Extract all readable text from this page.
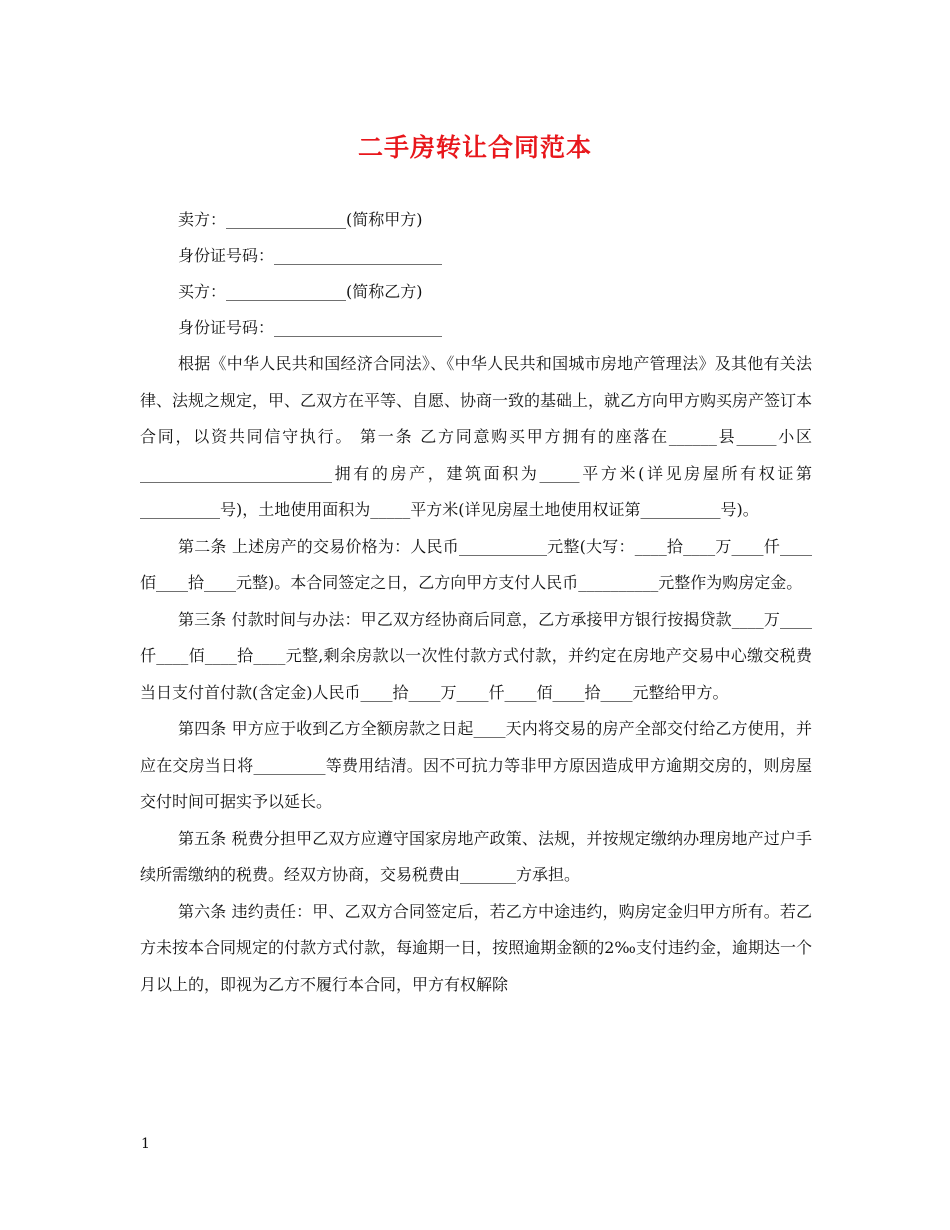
二手房转让合同范本
卖方：_______________(简称甲方)
身份证号码：_____________________
买方：_______________(简称乙方)
身份证号码：_____________________

根据《中华人民共和国经济合同法》、《中华人民共和国城市房地产管理法》及其他有关法律、法规之规定，甲、乙双方在平等、自愿、协商一致的基础上，就乙方向甲方购买房产签订本合同，以资共同信守执行。 第一条 乙方同意购买甲方拥有的座落在______县_____小区________________________拥有的房产，建筑面积为_____平方米(详见房屋所有权证第__________号)，土地使用面积为_____平方米(详见房屋土地使用权证第__________号)。

第二条 上述房产的交易价格为：人民币___________元整(大写：____拾____万____仟____佰____拾____元整)。本合同签定之日，乙方向甲方支付人民币__________元整作为购房定金。

第三条 付款时间与办法：甲乙双方经协商后同意，乙方承接甲方银行按揭贷款____万____仟____佰____拾____元整,剩余房款以一次性付款方式付款，并约定在房地产交易中心缴交税费当日支付首付款(含定金)人民币____拾____万____仟____佰____拾____元整给甲方。

第四条 甲方应于收到乙方全额房款之日起____天内将交易的房产全部交付给乙方使用，并应在交房当日将_________等费用结清。因不可抗力等非甲方原因造成甲方逾期交房的，则房屋交付时间可据实予以延长。

第五条 税费分担甲乙双方应遵守国家房地产政策、法规，并按规定缴纳办理房地产过户手续所需缴纳的税费。经双方协商，交易税费由_______方承担。

第六条 违约责任：甲、乙双方合同签定后，若乙方中途违约，购房定金归甲方所有。若乙方未按本合同规定的付款方式付款，每逾期一日，按照逾期金额的2‰支付违约金，逾期达一个月以上的，即视为乙方不履行本合同，甲方有权解除

1
